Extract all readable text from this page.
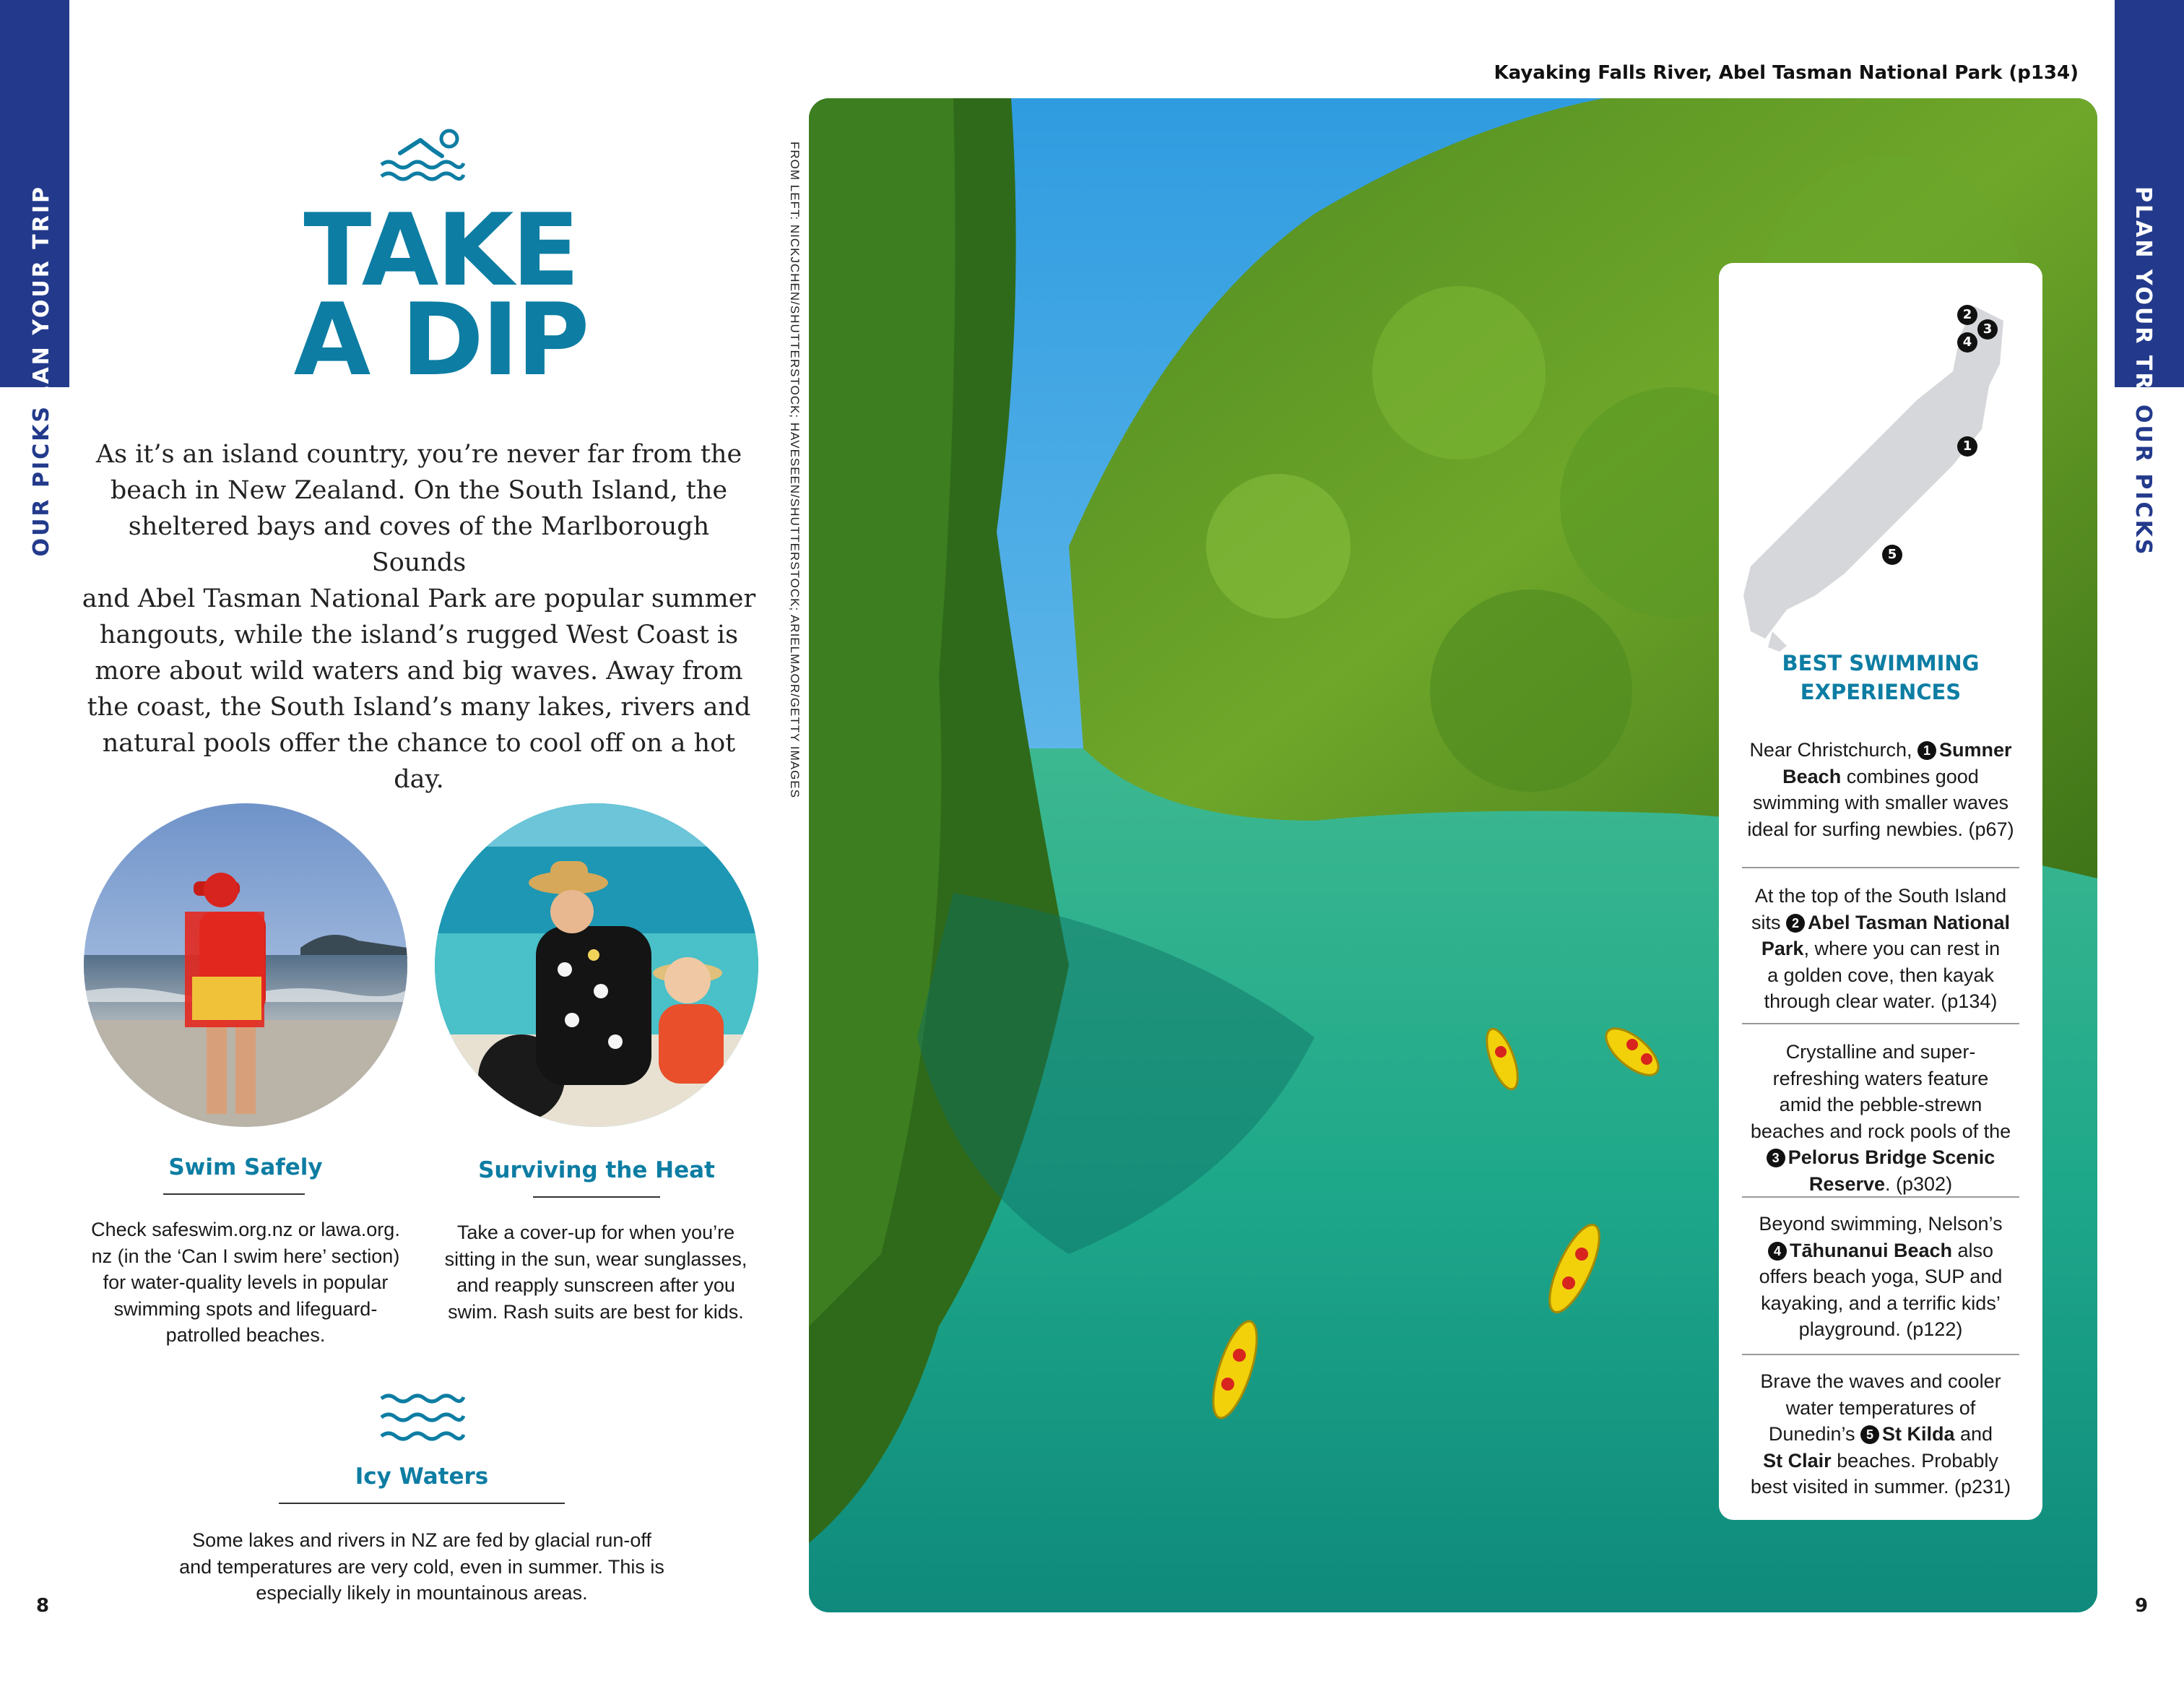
PLAN YOUR TRIP
OUR PICKS
PLAN YOUR TRIP
OUR PICKS
TAKE
A DIP
As it’s an island country, you’re never far from the
beach in New Zealand. On the South Island, the
sheltered bays and coves of the Marlborough Sounds
and Abel Tasman National Park are popular summer
hangouts, while the island’s rugged West Coast is
more about wild waters and big waves. Away from
the coast, the South Island’s many lakes, rivers and
natural pools offer the chance to cool off on a hot day.
Swim Safely
Check safeswim.org.nz or lawa.org.
nz (in the ‘Can I swim here’ section)
for water-quality levels in popular
swimming spots and lifeguard-
patrolled beaches.
Surviving the Heat
Take a cover-up for when you’re
sitting in the sun, wear sunglasses,
and reapply sunscreen after you
swim. Rash suits are best for kids.
Icy Waters
Some lakes and rivers in NZ are fed by glacial run-off
and temperatures are very cold, even in summer. This is
especially likely in mountainous areas.
8	9
FROM LEFT: NICKJCHEN/SHUTTERSTOCK; HAVESEEN/SHUTTERSTOCK; ARIELMAOR/GETTY IMAGES
Kayaking Falls River, Abel Tasman National Park (p134)
2
3
4
1
5
BEST SWIMMING
EXPERIENCES
Near Christchurch, 1 Sumner
Beach combines good
swimming with smaller waves
ideal for surfing newbies. (p67)
At the top of the South Island
sits 2 Abel Tasman National
Park, where you can rest in
a golden cove, then kayak
through clear water. (p134)
Crystalline and super-
refreshing waters feature
amid the pebble-strewn
beaches and rock pools of the
3 Pelorus Bridge Scenic
Reserve. (p302)
Beyond swimming, Nelson’s
4 Tāhunanui Beach also
offers beach yoga, SUP and
kayaking, and a terrific kids’
playground. (p122)
Brave the waves and cooler
water temperatures of
Dunedin’s 5 St Kilda and
St Clair beaches. Probably
best visited in summer. (p231)
